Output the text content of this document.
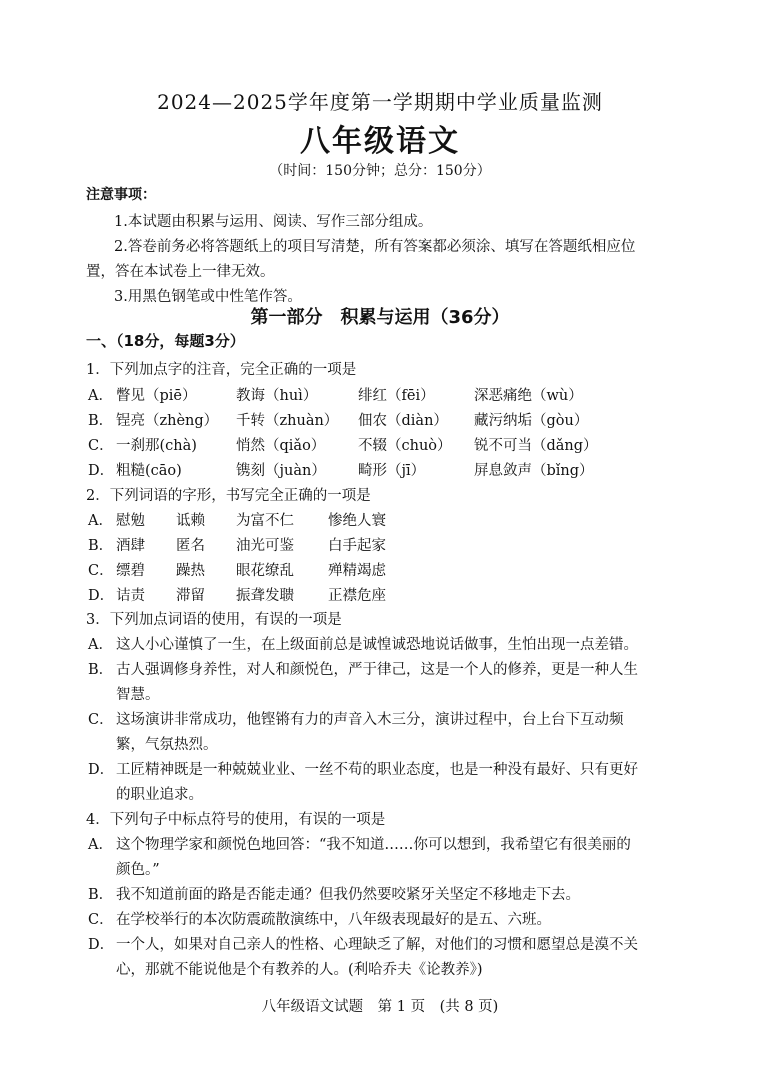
2024—2025学年度第一学期期中学业质量监测
八年级语文
（时间：150分钟；总分：150分）
注意事项：
1.本试题由积累与运用、阅读、写作三部分组成。
2.答卷前务必将答题纸上的项目写清楚，所有答案都必须涂、填写在答题纸相应位
置，答在本试卷上一律无效。
3.用黑色钢笔或中性笔作答。
第一部分　积累与运用（36分）
一、（18分，每题3分）
1．下列加点字的注音，完全正确的一项是
A． 瞥见（piē）	教诲（huì）	绯红（fēi）	深恶痛绝（wù）
B． 锃亮（zhèng） 千转（zhuàn） 佃农（diàn） 藏污纳垢（gòu）
C． 一刹那(chà)	悄然（qiǎo） 不辍（chuò） 锐不可当（dǎng）
D． 粗糙(cāo)	镌刻（juàn） 畸形（jī）	屏息敛声（bǐng）
2．下列词语的字形，书写完全正确的一项是
A． 慰勉 诋赖 为富不仁 惨绝人寰
B． 酒肆 匿名 油光可鉴 白手起家
C． 缥碧 躁热 眼花缭乱 殚精竭虑
D． 诘责 滞留 振聋发聩 正襟危座
3．下列加点词语的使用，有误的一项是
A． 这人小心谨慎了一生，在上级面前总是诚惶诚恐地说话做事，生怕出现一点差错。
B． 古人强调修身养性，对人和颜悦色，严于律己，这是一个人的修养，更是一种人生
智慧。
C． 这场演讲非常成功，他铿锵有力的声音入木三分，演讲过程中，台上台下互动频
繁，气氛热烈。
D． 工匠精神既是一种兢兢业业、一丝不苟的职业态度，也是一种没有最好、只有更好
的职业追求。
4．下列句子中标点符号的使用，有误的一项是
A． 这个物理学家和颜悦色地回答：“我不知道……你可以想到，我希望它有很美丽的
颜色。”
B． 我不知道前面的路是否能走通？但我仍然要咬紧牙关坚定不移地走下去。
C． 在学校举行的本次防震疏散演练中，八年级表现最好的是五、六班。
D． 一个人，如果对自己亲人的性格、心理缺乏了解，对他们的习惯和愿望总是漠不关
心，那就不能说他是个有教养的人。(利哈乔夫《论教养》)
八年级语文试题　第 1 页　(共 8 页)
